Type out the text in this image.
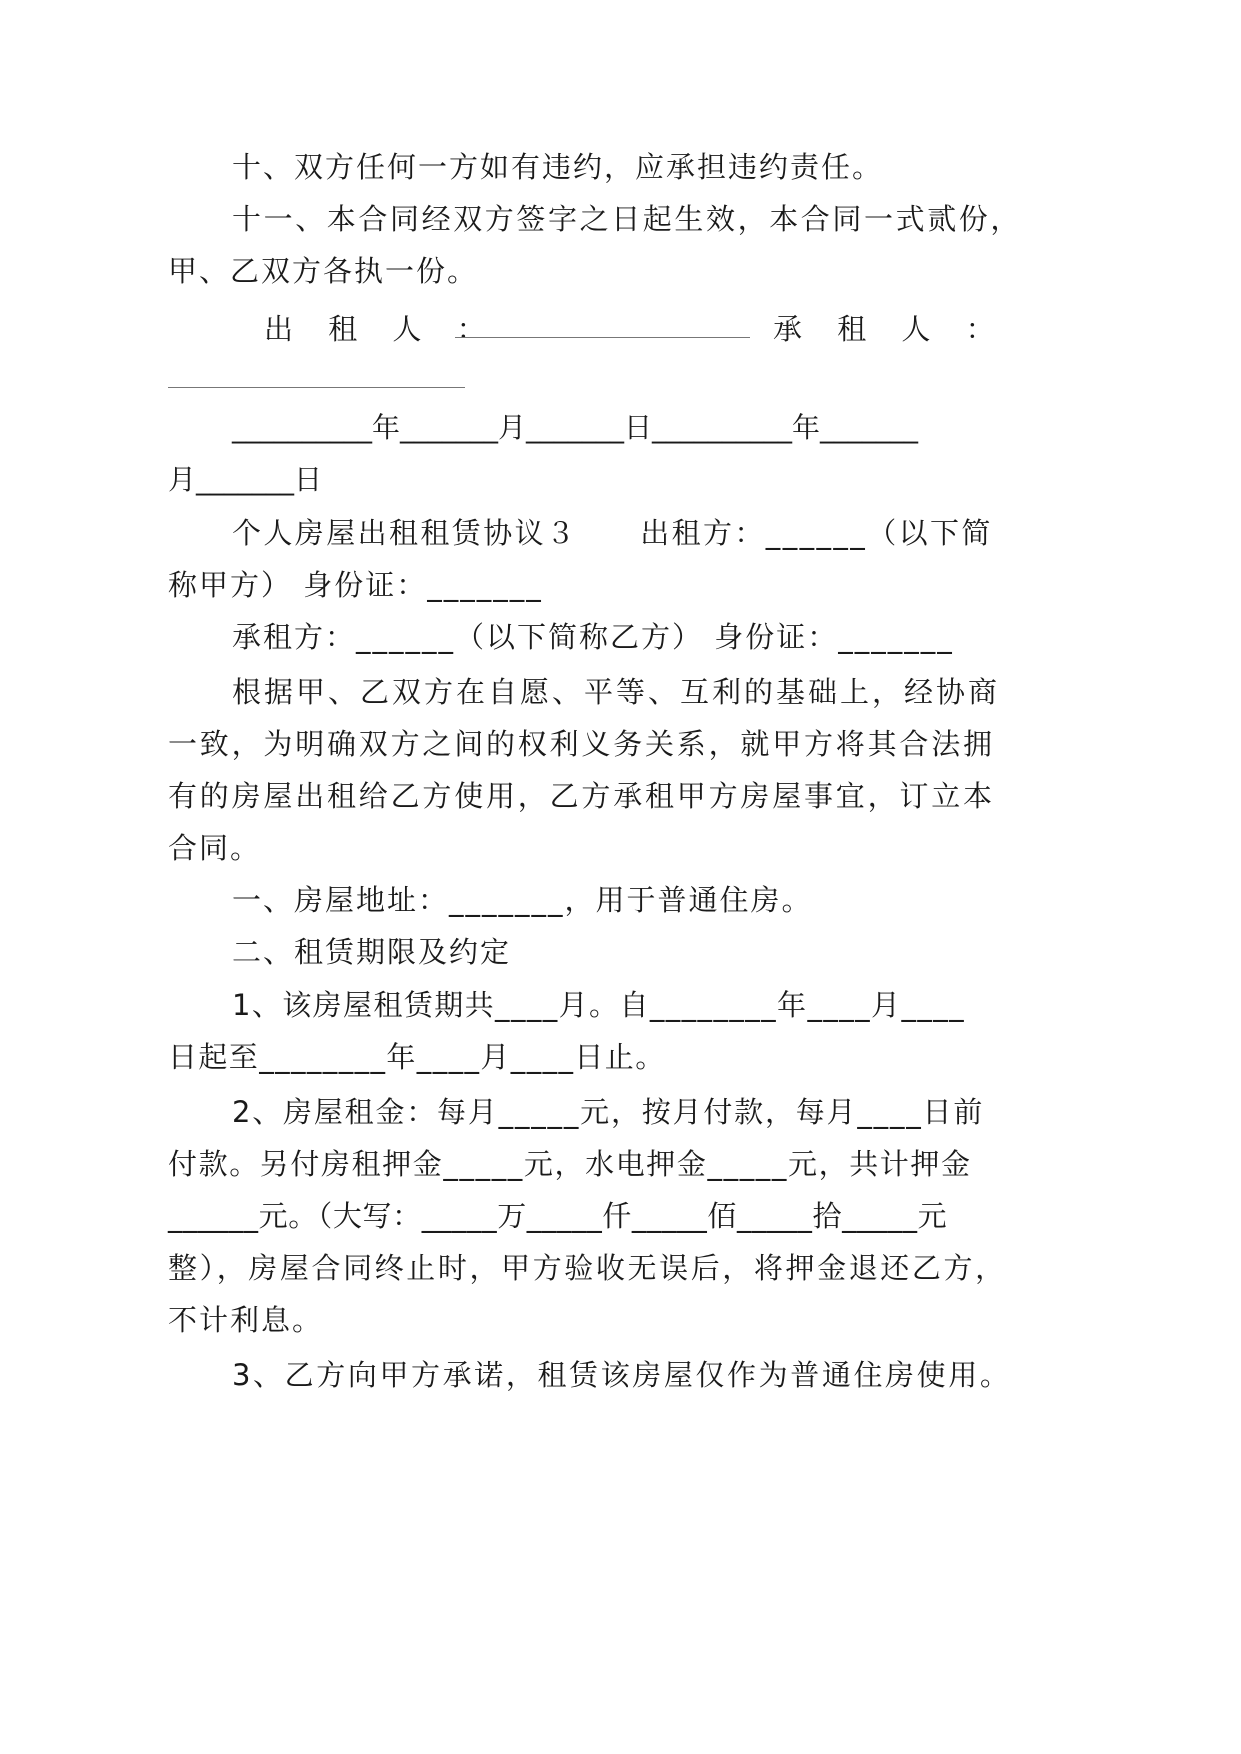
十、双方任何一方如有违约，应承担违约责任。

十一、本合同经双方签字之日起生效，本合同一式贰份，

甲、乙双方各执一份。

出 租 人 ：	承 租 人 ：

__________年_______月_______日__________年_______

月_______日

个人房屋出租租赁协议３　　出租方：______（以下简

称甲方） 身份证：_______

承租方：______（以下简称乙方） 身份证：_______

根据甲、乙双方在自愿、平等、互利的基础上，经协商

一致，为明确双方之间的权利义务关系，就甲方将其合法拥

有的房屋出租给乙方使用，乙方承租甲方房屋事宜，订立本

合同。

一、房屋地址：_______，用于普通住房。

二、租赁期限及约定

1、该房屋租赁期共____月。自________年____月____

日起至________年____月____日止。

2、房屋租金：每月_____元，按月付款，每月____日前

付款。另付房租押金_____元，水电押金_____元，共计押金

______元。（大写：_____万_____仟_____佰_____拾_____元

整），房屋合同终止时，甲方验收无误后，将押金退还乙方，

不计利息。

3、乙方向甲方承诺，租赁该房屋仅作为普通住房使用。
